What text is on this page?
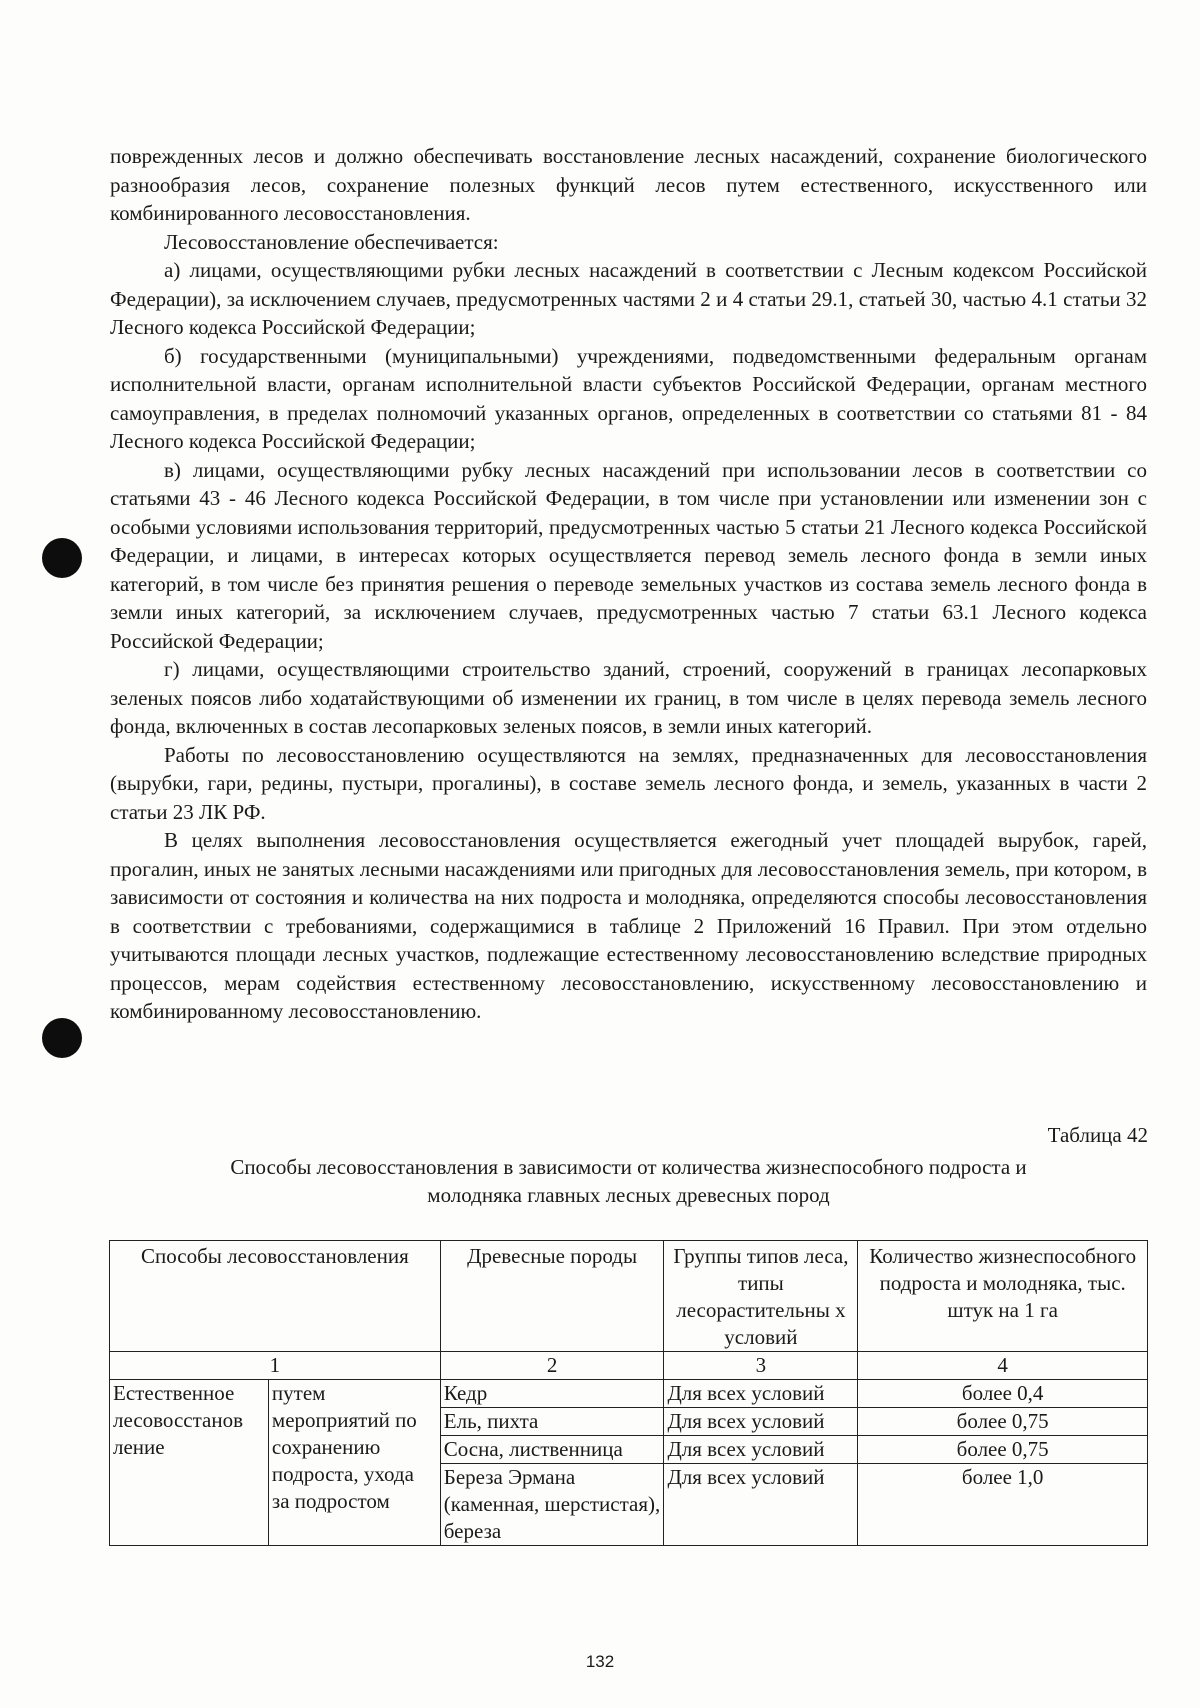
поврежденных лесов и должно обеспечивать восстановление лесных насаждений, сохранение биологического разнообразия лесов, сохранение полезных функций лесов путем естественного, искусственного или комбинированного лесовосстановления.

Лесовосстановление обеспечивается:

а) лицами, осуществляющими рубки лесных насаждений в соответствии с Лесным кодексом Российской Федерации), за исключением случаев, предусмотренных частями 2 и 4 статьи 29.1, статьей 30, частью 4.1 статьи 32 Лесного кодекса Российской Федерации;

б) государственными (муниципальными) учреждениями, подведомственными федеральным органам исполнительной власти, органам исполнительной власти субъектов Российской Федерации, органам местного самоуправления, в пределах полномочий указанных органов, определенных в соответствии со статьями 81 - 84 Лесного кодекса Российской Федерации;

в) лицами, осуществляющими рубку лесных насаждений при использовании лесов в соответствии со статьями 43 - 46 Лесного кодекса Российской Федерации, в том числе при установлении или изменении зон с особыми условиями использования территорий, предусмотренных частью 5 статьи 21 Лесного кодекса Российской Федерации, и лицами, в интересах которых осуществляется перевод земель лесного фонда в земли иных категорий, в том числе без принятия решения о переводе земельных участков из состава земель лесного фонда в земли иных категорий, за исключением случаев, предусмотренных частью 7 статьи 63.1 Лесного кодекса Российской Федерации;

г) лицами, осуществляющими строительство зданий, строений, сооружений в границах лесопарковых зеленых поясов либо ходатайствующими об изменении их границ, в том числе в целях перевода земель лесного фонда, включенных в состав лесопарковых зеленых поясов, в земли иных категорий.

Работы по лесовосстановлению осуществляются на землях, предназначенных для лесовосстановления (вырубки, гари, редины, пустыри, прогалины), в составе земель лесного фонда, и земель, указанных в части 2 статьи 23 ЛК РФ.

В целях выполнения лесовосстановления осуществляется ежегодный учет площадей вырубок, гарей, прогалин, иных не занятых лесными насаждениями или пригодных для лесовосстановления земель, при котором, в зависимости от состояния и количества на них подроста и молодняка, определяются способы лесовосстановления в соответствии с требованиями, содержащимися в таблице 2 Приложений 16 Правил. При этом отдельно учитываются площади лесных участков, подлежащие естественному лесовосстановлению вследствие природных процессов, мерам содействия естественному лесовосстановлению, искусственному лесовосстановлению и комбинированному лесовосстановлению.

Таблица 42
Способы лесовосстановления в зависимости от количества жизнеспособного подроста и
молодняка главных лесных древесных пород
Способы лесовосстановления		Древесные породы	Группы типов леса, типы лесорастительны х условий	Количество жизнеспособного подроста и молодняка, тыс. штук на 1 га
1		2	3	4
Естественное лесовосстанов ление	путем мероприятий по сохранению подроста, ухода за подростом	Кедр	Для всех условий	более 0,4
		Ель, пихта	Для всех условий	более 0,75
		Сосна, лиственница	Для всех условий	более 0,75
		Береза Эрмана (каменная, шерстистая), береза	Для всех условий	более 1,0
132
